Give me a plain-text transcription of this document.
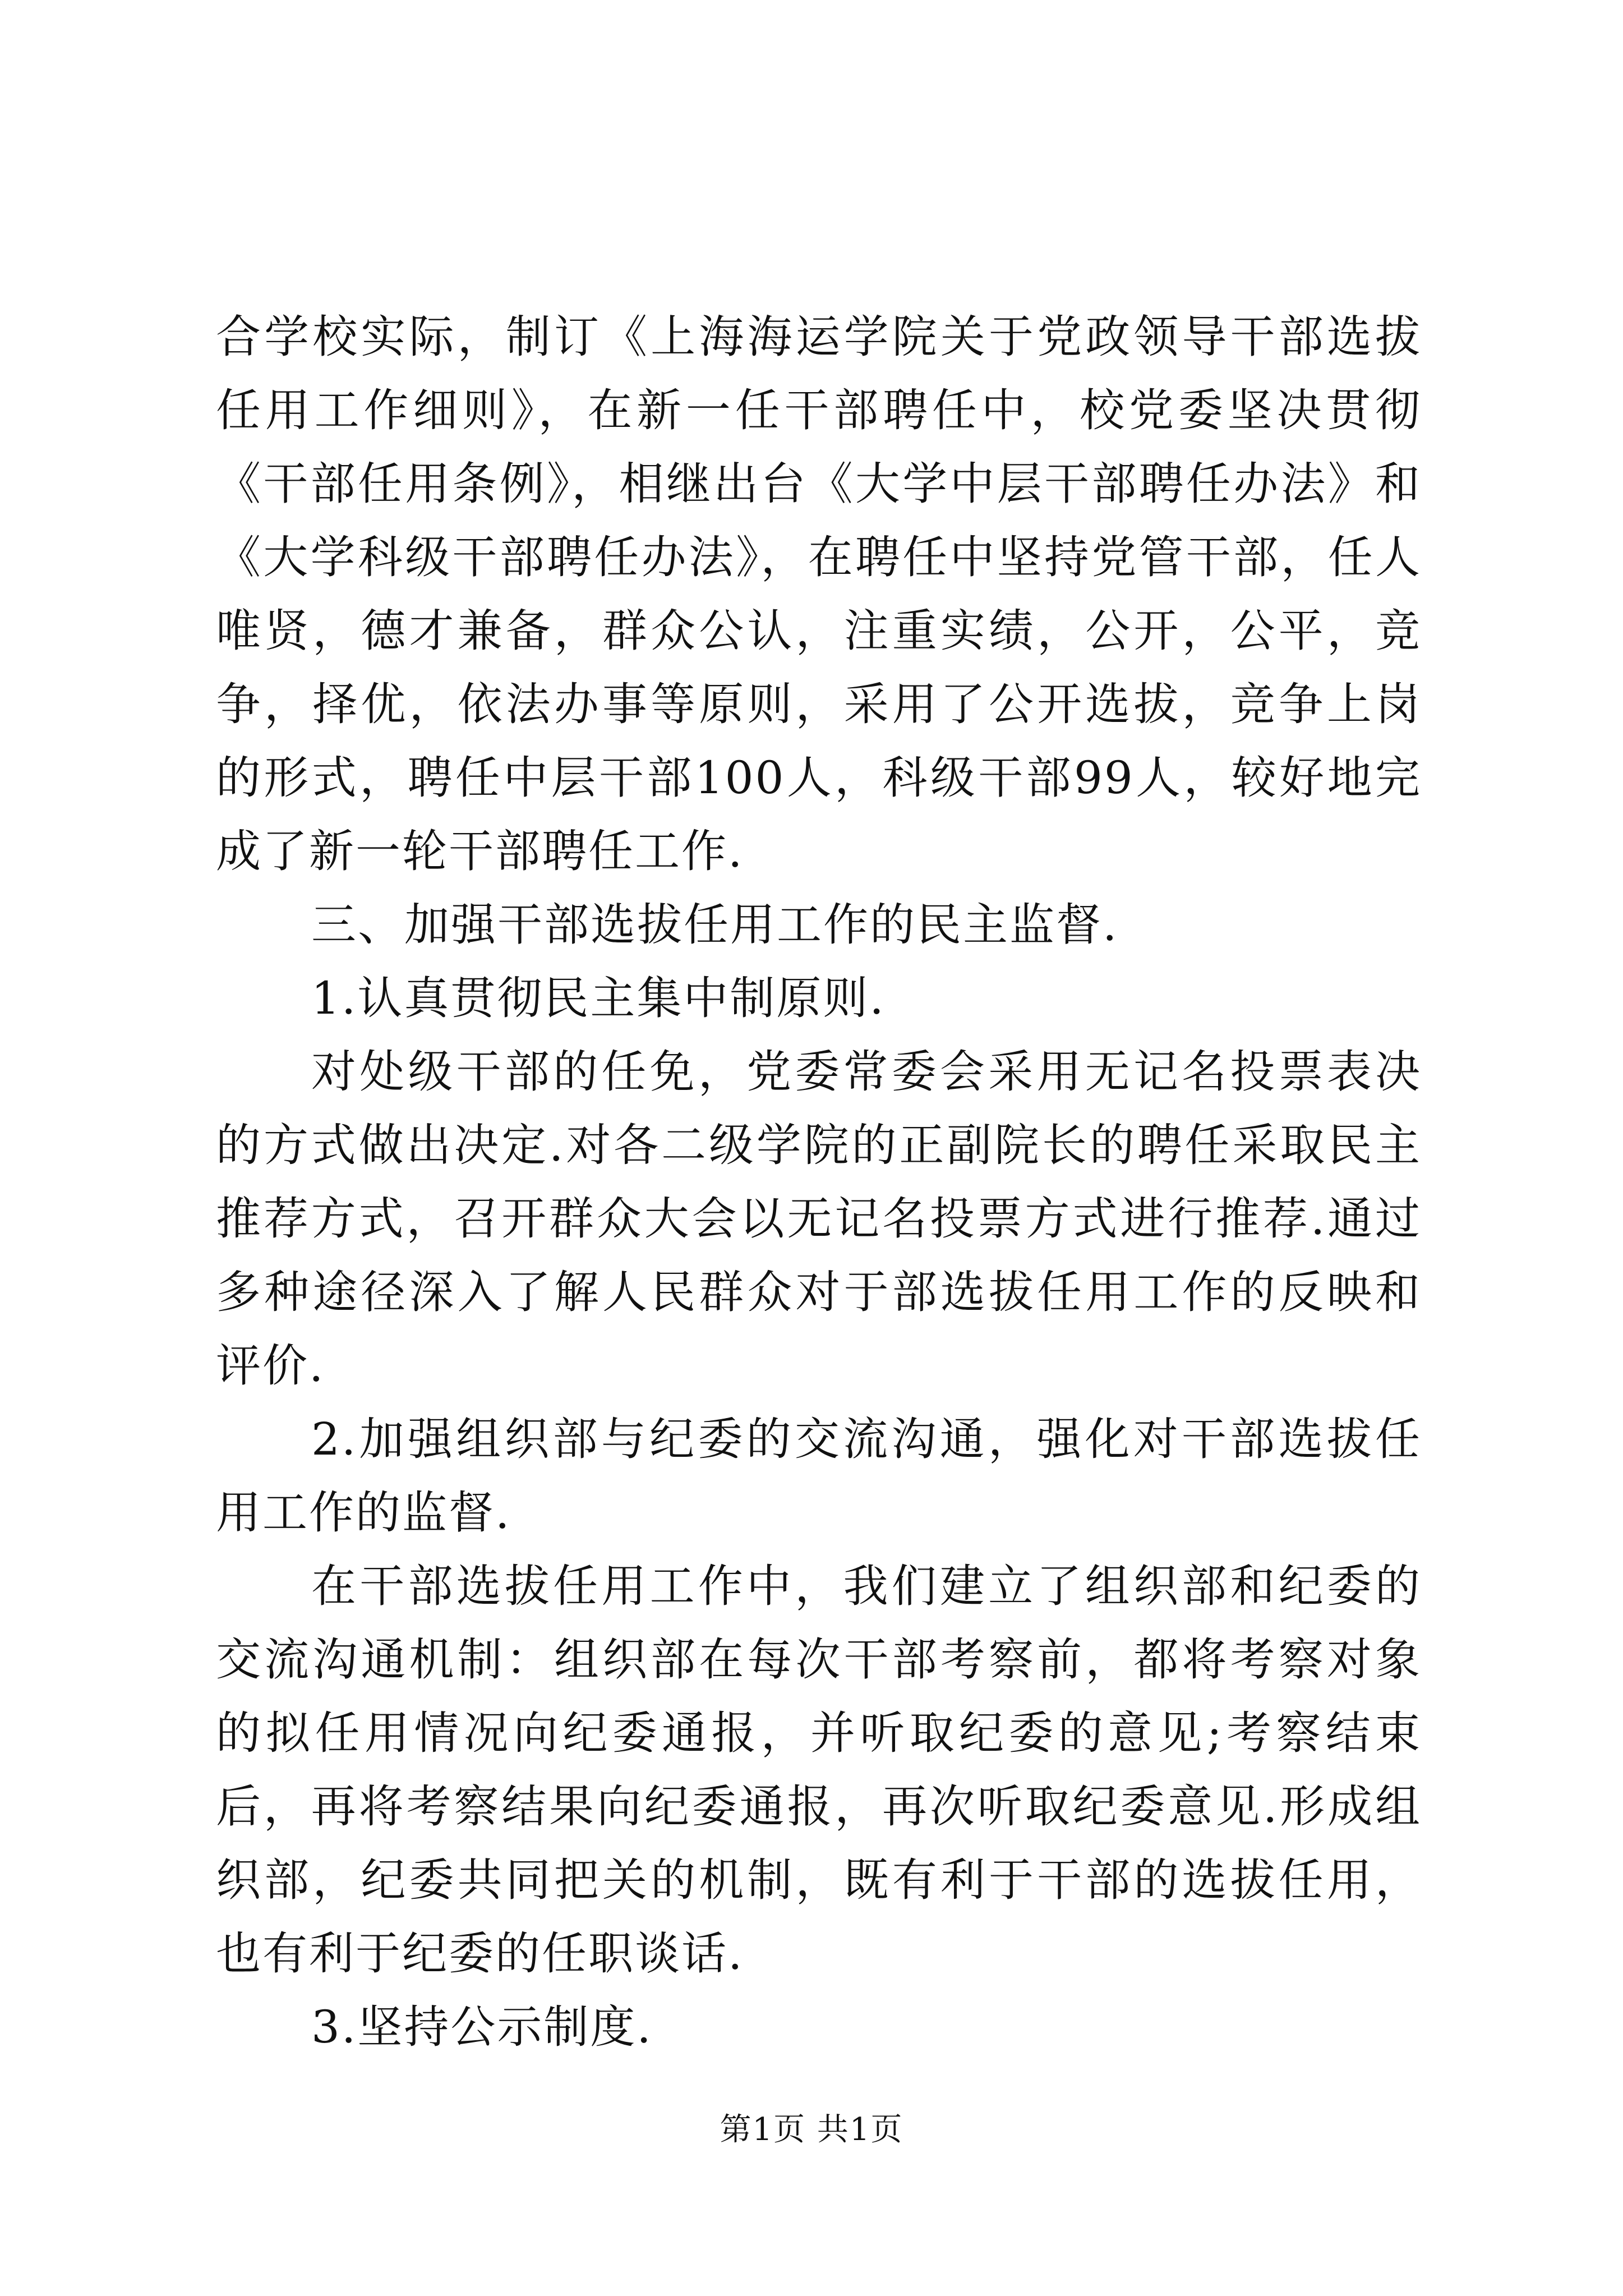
合学校实际，制订《上海海运学院关于党政领导干部选拔任用工作细则》，在新一任干部聘任中，校党委坚决贯彻《干部任用条例》，相继出台《大学中层干部聘任办法》和《大学科级干部聘任办法》，在聘任中坚持党管干部，任人唯贤，德才兼备，群众公认，注重实绩，公开，公平，竞争，择优，依法办事等原则，采用了公开选拔，竞争上岗的形式，聘任中层干部100人，科级干部99人，较好地完成了新一轮干部聘任工作.

三、加强干部选拔任用工作的民主监督.

1.认真贯彻民主集中制原则.

对处级干部的任免，党委常委会采用无记名投票表决的方式做出决定.对各二级学院的正副院长的聘任采取民主推荐方式，召开群众大会以无记名投票方式进行推荐.通过多种途径深入了解人民群众对于部选拔任用工作的反映和评价.

2.加强组织部与纪委的交流沟通，强化对干部选拔任用工作的监督.

在干部选拔任用工作中，我们建立了组织部和纪委的交流沟通机制：组织部在每次干部考察前，都将考察对象的拟任用情况向纪委通报，并听取纪委的意见;考察结束后，再将考察结果向纪委通报，再次听取纪委意见.形成组织部，纪委共同把关的机制，既有利于干部的选拔任用，也有利于纪委的任职谈话.

3.坚持公示制度.

第1页 共1页
